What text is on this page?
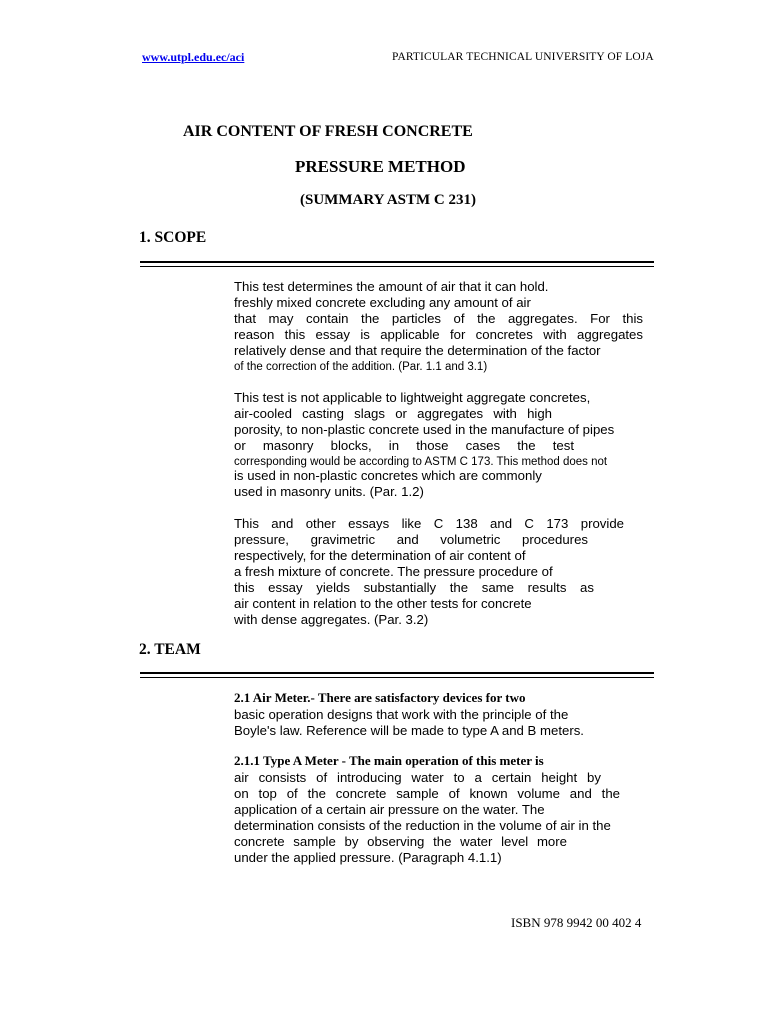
www.utpl.edu.ec/aci	PARTICULAR TECHNICAL UNIVERSITY OF LOJA
AIR CONTENT OF FRESH CONCRETE
PRESSURE METHOD
(SUMMARY ASTM C 231)
1. SCOPE
This test determines the amount of air that it can hold.
freshly mixed concrete excluding any amount of air
that may contain the particles of the aggregates. For this
reason this essay is applicable for concretes with aggregates
relatively dense and that require the determination of the factor
of the correction of the addition. (Par. 1.1 and 3.1)
This test is not applicable to lightweight aggregate concretes,
air-cooled casting slags or aggregates with high
porosity, to non-plastic concrete used in the manufacture of pipes
or masonry blocks, in those cases the test
corresponding would be according to ASTM C 173. This method does not
is used in non-plastic concretes which are commonly
used in masonry units. (Par. 1.2)
This and other essays like C 138 and C 173 provide
pressure, gravimetric and volumetric procedures
respectively, for the determination of air content of
a fresh mixture of concrete. The pressure procedure of
this essay yields substantially the same results as
air content in relation to the other tests for concrete
with dense aggregates. (Par. 3.2)
2. TEAM
2.1 Air Meter.- There are satisfactory devices for two
basic operation designs that work with the principle of the
Boyle's law. Reference will be made to type A and B meters.
2.1.1 Type A Meter - The main operation of this meter is
air consists of introducing water to a certain height by
on top of the concrete sample of known volume and the
application of a certain air pressure on the water. The
determination consists of the reduction in the volume of air in the
concrete sample by observing the water level more
under the applied pressure. (Paragraph 4.1.1)
ISBN 978 9942 00 402 4
